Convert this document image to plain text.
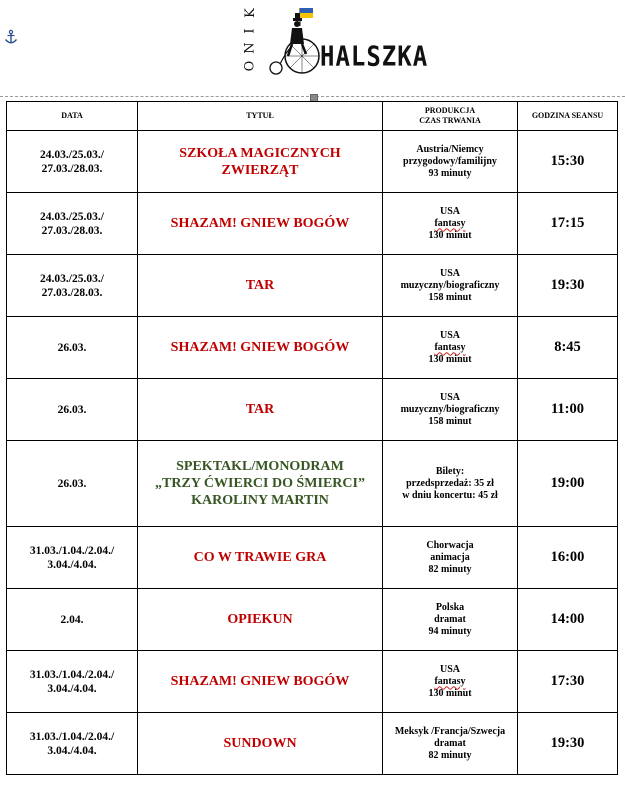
K
I
N
O	HALSZKA
DATA	TYTUŁ	PRODUKCJA
CZAS TRWANIA	GODZINA SEANSU
24.03./25.03./
27.03./28.03.	SZKOŁA MAGICZNYCH
ZWIERZĄT	Austria/Niemcy
przygodowy/familijny
93 minuty	15:30
24.03./25.03./
27.03./28.03.	SHAZAM! GNIEW BOGÓW	USA
fantasy
130 minut	17:15
24.03./25.03./
27.03./28.03.	TAR	USA
muzyczny/biograficzny
158 minut	19:30
26.03.	SHAZAM! GNIEW BOGÓW	USA
fantasy
130 minut	8:45
26.03.	TAR	USA
muzyczny/biograficzny
158 minut	11:00
26.03.	SPEKTAKL/MONODRAM
„TRZY ĆWIERCI DO ŚMIERCI”
KAROLINY MARTIN	Bilety:
przedsprzedaż: 35 zł
w dniu koncertu: 45 zł	19:00
31.03./1.04./2.04./
3.04./4.04.	CO W TRAWIE GRA	Chorwacja
animacja
82 minuty	16:00
2.04.	OPIEKUN	Polska
dramat
94 minuty	14:00
31.03./1.04./2.04./
3.04./4.04.	SHAZAM! GNIEW BOGÓW	USA
fantasy
130 minut	17:30
31.03./1.04./2.04./
3.04./4.04.	SUNDOWN	Meksyk /Francja/Szwecja
dramat
82 minuty	19:30
